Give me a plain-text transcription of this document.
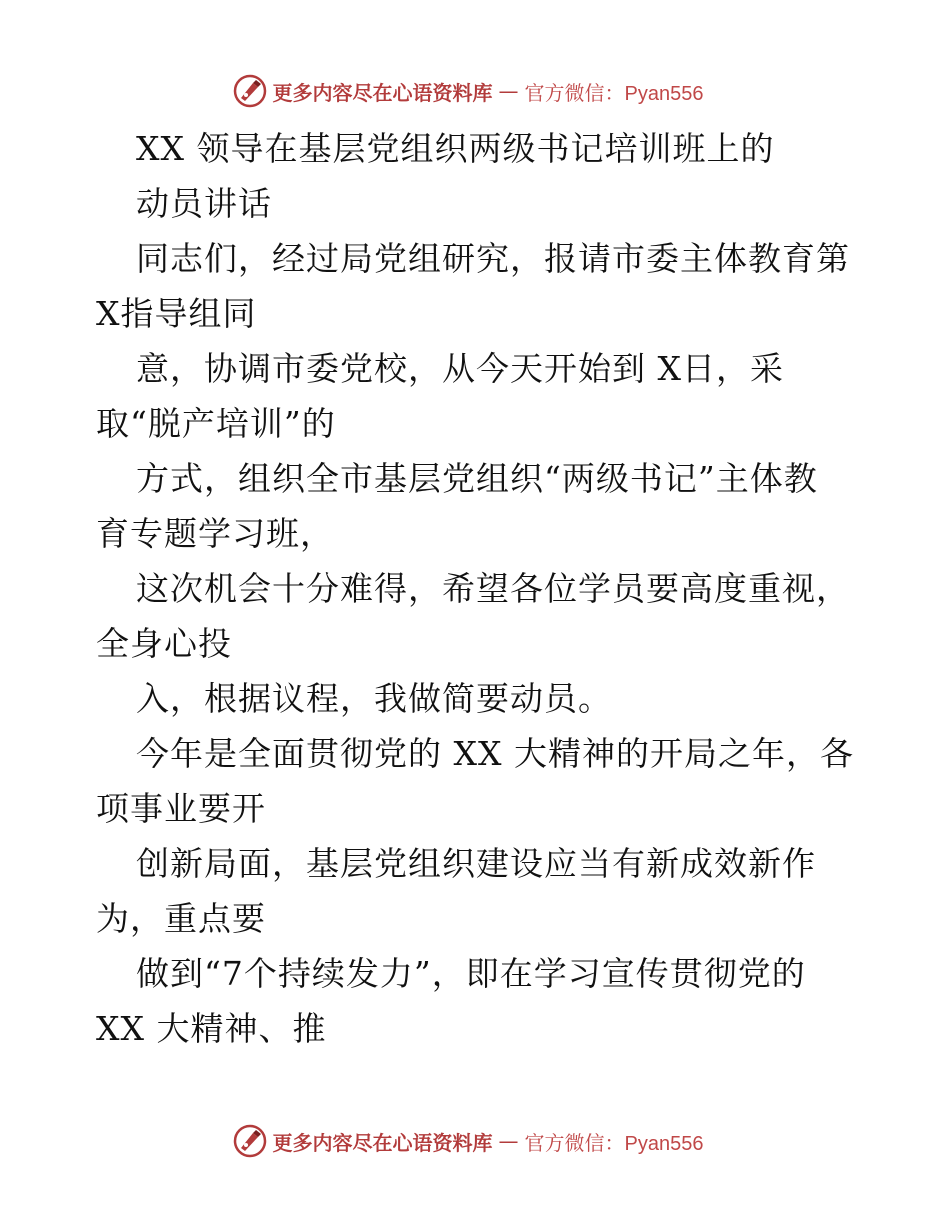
更多内容尽在心语资料库 — 官方微信：Pyan556
XX 领导在基层党组织两级书记培训班上的
动员讲话
同志们，经过局党组研究，报请市委主体教育第
X指导组同
意，协调市委党校，从今天开始到 X日，采
取“脱产培训”的
方式，组织全市基层党组织“两级书记”主体教
育专题学习班，
这次机会十分难得，希望各位学员要高度重视，
全身心投
入，根据议程，我做简要动员。
今年是全面贯彻党的 XX 大精神的开局之年，各
项事业要开
创新局面，基层党组织建设应当有新成效新作
为，重点要
做到“7个持续发力”，即在学习宣传贯彻党的
XX 大精神、推
更多内容尽在心语资料库 — 官方微信：Pyan556
